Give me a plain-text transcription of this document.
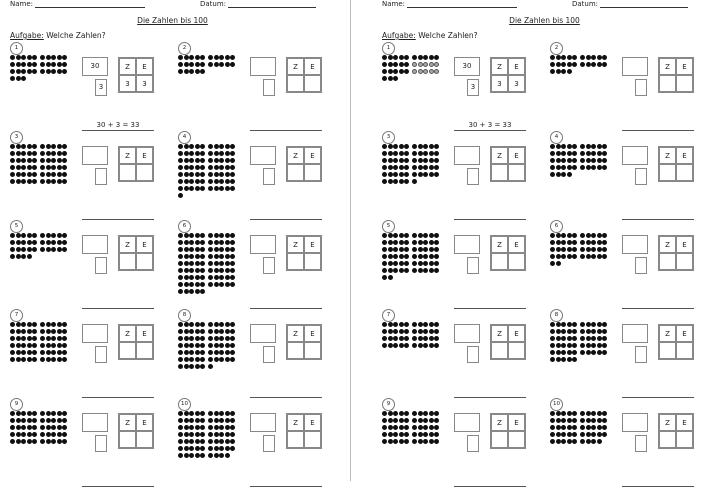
Name:	Datum:
Die Zahlen bis 100
Aufgabe: Welche Zahlen?
1
30
3
Z	E
3	3
30 + 3 = 33
2
Z	E
3
Z	E
4
Z	E
5
Z	E
6
Z	E
7
Z	E
8
Z	E
9
Z	E
10
Z	E
Name:	Datum:
Die Zahlen bis 100
Aufgabe: Welche Zahlen?
1
30
3
Z	E
3	3
30 + 3 = 33
2
Z	E
3
Z	E
4
Z	E
5
Z	E
6
Z	E
7
Z	E
8
Z	E
9
Z	E
10
Z	E
